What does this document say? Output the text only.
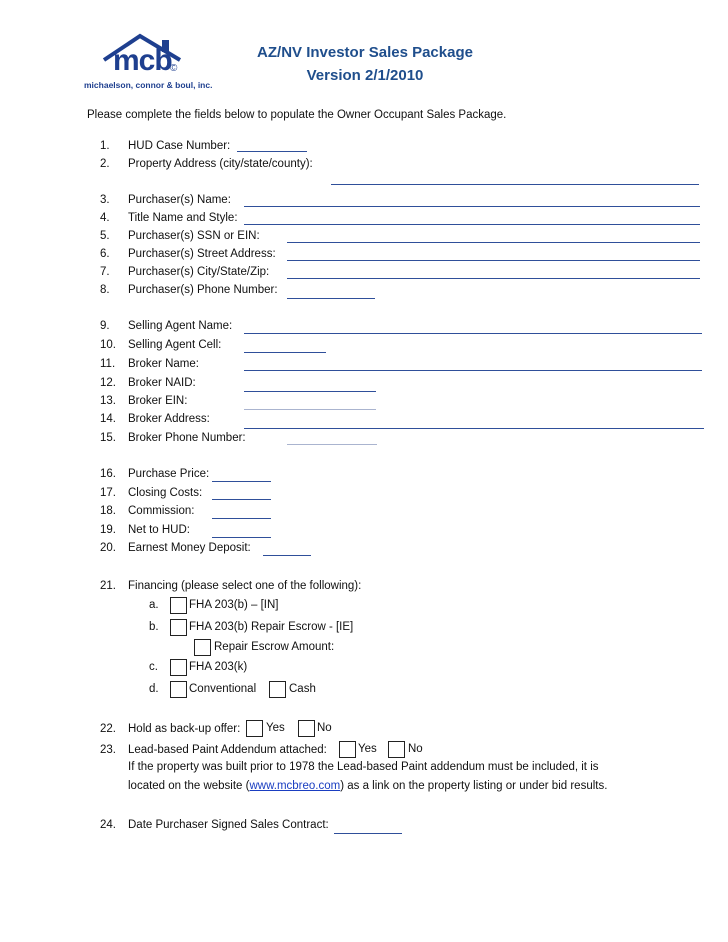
mcb
©
michaelson, connor & boul, inc.
AZ/NV Investor Sales Package
Version 2/1/2010
Please complete the fields below to populate the Owner Occupant Sales Package.
1.	HUD Case Number:
2.	Property Address (city/state/county):
3.	Purchaser(s) Name:
4.	Title Name and Style:
5.	Purchaser(s) SSN or EIN:
6.	Purchaser(s) Street Address:
7.	Purchaser(s) City/State/Zip:
8.	Purchaser(s) Phone Number:
9.	Selling Agent Name:
10.	Selling Agent Cell:
11.	Broker Name:
12.	Broker NAID:
13.	Broker EIN:
14.	Broker Address:
15.	Broker Phone Number:
16.	Purchase Price:
17.	Closing Costs:
18.	Commission:
19.	Net to HUD:
20.	Earnest Money Deposit:
21.	Financing (please select one of the following):
a.	FHA 203(b) – [IN]
b.	FHA 203(b) Repair Escrow - [IE]
Repair Escrow Amount:
c.	FHA 203(k)
d.	Conventional	Cash
22.	Hold as back-up offer: Yes	No
23.	Lead-based Paint Addendum attached:	Yes	No
If the property was built prior to 1978 the Lead-based Paint addendum must be included, it is
located on the website (www.mcbreo.com) as a link on the property listing or under bid results.
24.	Date Purchaser Signed Sales Contract:
